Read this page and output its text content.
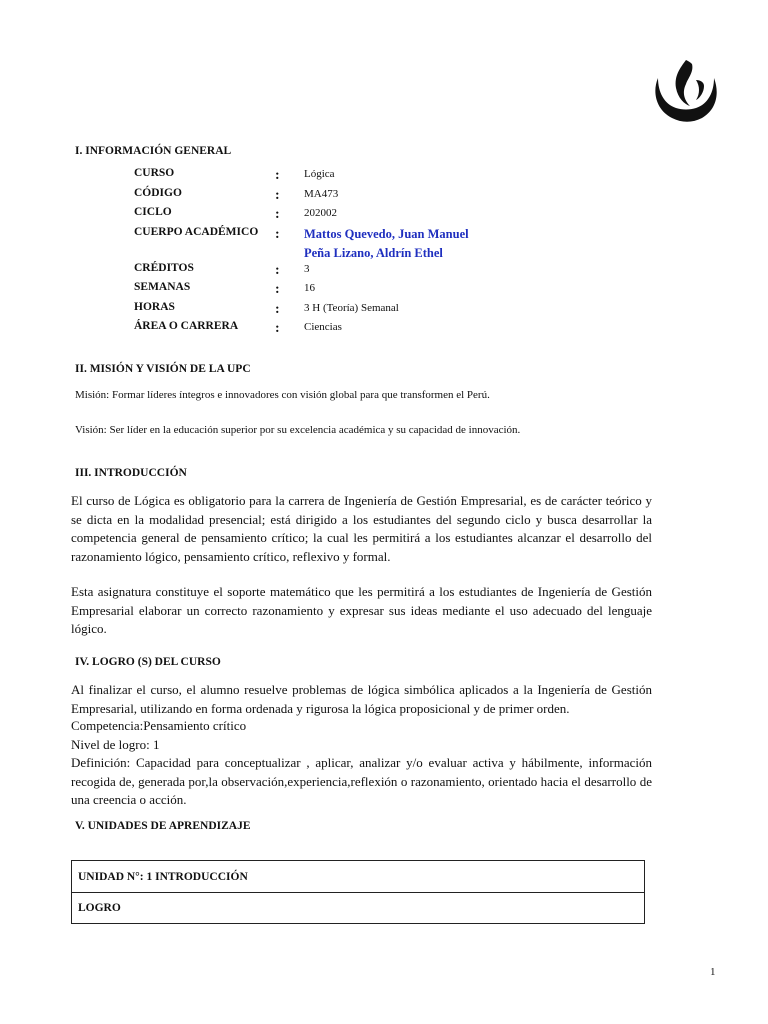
I. INFORMACIÓN GENERAL
CURSO	: Lógica
CÓDIGO	: MA473
CICLO	: 202002
CUERPO ACADÉMICO : Mattos Quevedo, Juan Manuel
Peña Lizano, Aldrín Ethel
CRÉDITOS	: 3
SEMANAS	: 16
HORAS	: 3 H (Teoría) Semanal
ÁREA O CARRERA	: Ciencias
II. MISIÓN Y VISIÓN DE LA UPC
Misión: Formar líderes íntegros e innovadores con visión global para que transformen el Perú.
Visión: Ser líder en la educación superior por su excelencia académica y su capacidad de innovación.
III. INTRODUCCIÓN

El curso de Lógica es obligatorio para la carrera de Ingeniería de Gestión Empresarial, es de carácter teórico y se dicta en la modalidad presencial; está dirigido a los estudiantes del segundo ciclo y busca desarrollar la competencia general de pensamiento crítico; la cual les permitirá a los estudiantes alcanzar el desarrollo del razonamiento lógico, pensamiento crítico, reflexivo y formal.

Esta asignatura constituye el soporte matemático que les permitirá a los estudiantes de Ingeniería de Gestión Empresarial elaborar un correcto razonamiento y expresar sus ideas mediante el uso adecuado del lenguaje lógico.

IV. LOGRO (S) DEL CURSO

Al finalizar el curso, el alumno resuelve problemas de lógica simbólica aplicados a la Ingeniería de Gestión Empresarial, utilizando en forma ordenada y rigurosa la lógica proposicional y de primer orden.

Competencia:Pensamiento crítico

Nivel de logro: 1

Definición: Capacidad para conceptualizar , aplicar, analizar y/o evaluar activa y hábilmente, información recogida de, generada por,la observación,experiencia,reflexión o razonamiento, orientado hacia el desarrollo de una creencia o acción.

V. UNIDADES DE APRENDIZAJE
UNIDAD N°: 1 INTRODUCCIÓN
LOGRO
1
